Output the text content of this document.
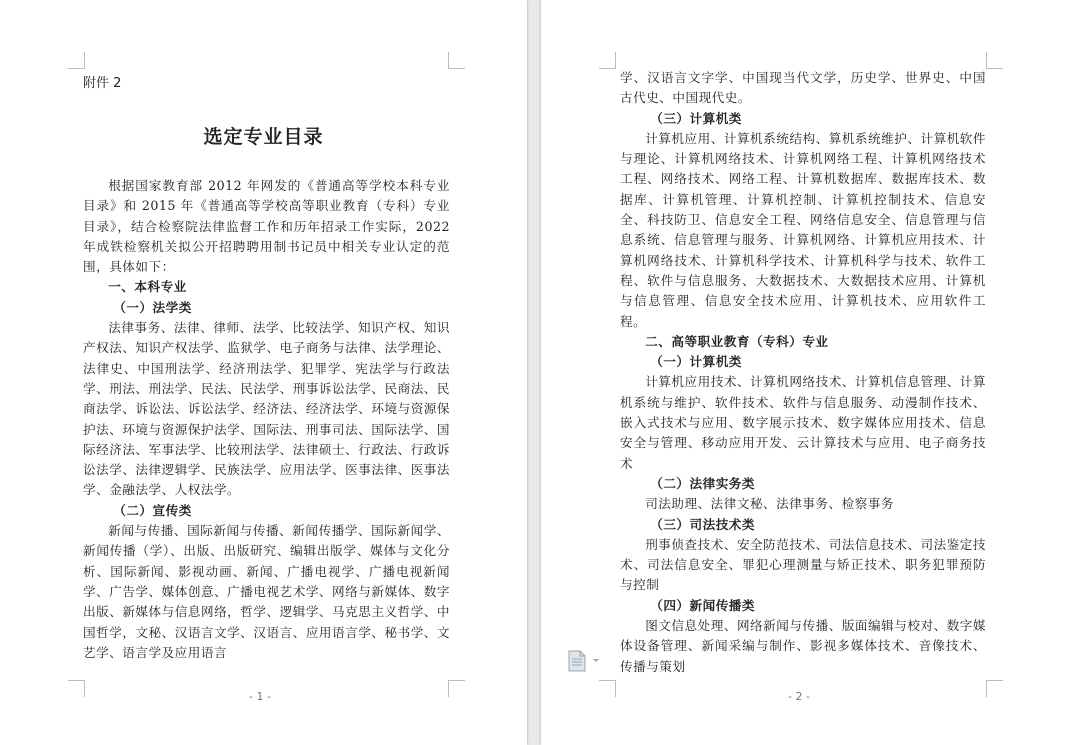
附件 2
选定专业目录

根据国家教育部 2012 年网发的《普通高等学校本科专业目录》和 2015 年《普通高等学校高等职业教育（专科）专业目录》，结合检察院法律监督工作和历年招录工作实际，2022 年成铁检察机关拟公开招聘聘用制书记员中相关专业认定的范围，具体如下：

一、本科专业

（一）法学类

法律事务、法律、律师、法学、比较法学、知识产权、知识产权法、知识产权法学、监狱学、电子商务与法律、法学理论、法律史、中国刑法学、经济刑法学、犯罪学、宪法学与行政法学、刑法、刑法学、民法、民法学、刑事诉讼法学、民商法、民商法学、诉讼法、诉讼法学、经济法、经济法学、环境与资源保护法、环境与资源保护法学、国际法、刑事司法、国际法学、国际经济法、军事法学、比较刑法学、法律硕士、行政法、行政诉讼法学、法律逻辑学、民族法学、应用法学、医事法律、医事法学、金融法学、人权法学。

（二）宣传类

新闻与传播、国际新闻与传播、新闻传播学、国际新闻学、新闻传播（学）、出版、出版研究、编辑出版学、媒体与文化分析、国际新闻、影视动画、新闻、广播电视学、广播电视新闻学、广告学、媒体创意、广播电视艺术学、网络与新媒体、数字出版、新媒体与信息网络，哲学、逻辑学、马克思主义哲学、中国哲学，文秘、汉语言文学、汉语言、应用语言学、秘书学、文艺学、语言学及应用语言

- 1 -	- 2 -

学、汉语言文字学、中国现当代文学，历史学、世界史、中国古代史、中国现代史。

（三）计算机类

计算机应用、计算机系统结构、算机系统维护、计算机软件与理论、计算机网络技术、计算机网络工程、计算机网络技术工程、网络技术、网络工程、计算机数据库、数据库技术、数据库、计算机管理、计算机控制、计算机控制技术、信息安全、科技防卫、信息安全工程、网络信息安全、信息管理与信息系统、信息管理与服务、计算机网络、计算机应用技术、计算机网络技术、计算机科学技术、计算机科学与技术、软件工程、软件与信息服务、大数据技术、大数据技术应用、计算机与信息管理、信息安全技术应用、计算机技术、应用软件工程。

二、高等职业教育（专科）专业

（一）计算机类

计算机应用技术、计算机网络技术、计算机信息管理、计算机系统与维护、软件技术、软件与信息服务、动漫制作技术、嵌入式技术与应用、数字展示技术、数字媒体应用技术、信息安全与管理、移动应用开发、云计算技术与应用、电子商务技术

（二）法律实务类

司法助理、法律文秘、法律事务、检察事务

（三）司法技术类

刑事侦查技术、安全防范技术、司法信息技术、司法鉴定技术、司法信息安全、罪犯心理测量与矫正技术、职务犯罪预防与控制

（四）新闻传播类

图文信息处理、网络新闻与传播、版面编辑与校对、数字媒体设备管理、新闻采编与制作、影视多媒体技术、音像技术、传播与策划
